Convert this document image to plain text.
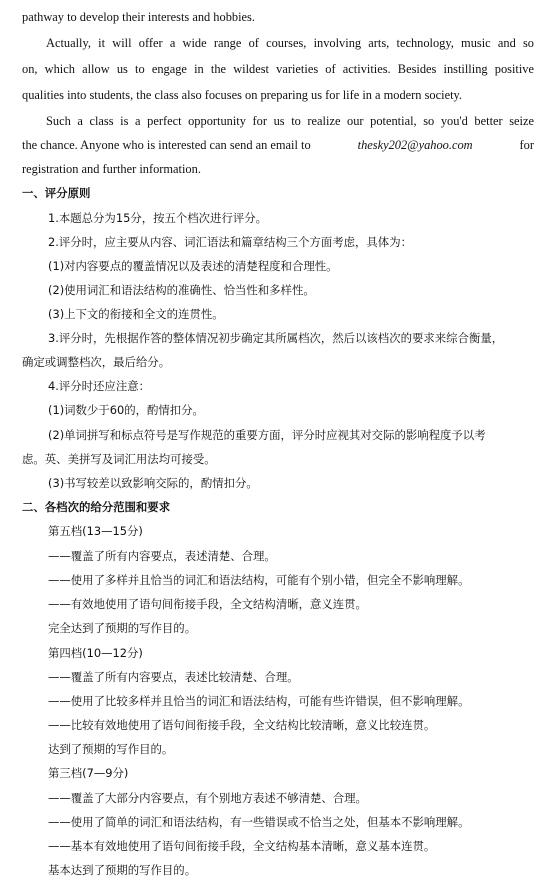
pathway to develop their interests and hobbies.

Actually, it will offer a wide range of courses, involving arts, technology, music and so

on, which allow us to engage in the wildest varieties of activities. Besides instilling positive

qualities into students, the class also focuses on preparing us for life in a modern society.

Such a class is a perfect opportunity for us to realize our potential, so you'd better seize

the chance. Anyone who is interested can send an email to	thesky202@yahoo.com	for

registration and further information.

一、评分原则

1.本题总分为15分，按五个档次进行评分。

2.评分时，应主要从内容、词汇语法和篇章结构三个方面考虑，具体为：

(1)对内容要点的覆盖情况以及表述的清楚程度和合理性。

(2)使用词汇和语法结构的准确性、恰当性和多样性。

(3)上下文的衔接和全文的连贯性。

3.评分时，先根据作答的整体情况初步确定其所属档次，然后以该档次的要求来综合衡量，

确定或调整档次，最后给分。

4.评分时还应注意：

(1)词数少于60的，酌情扣分。

(2)单词拼写和标点符号是写作规范的重要方面，评分时应视其对交际的影响程度予以考

虑。英、美拼写及词汇用法均可接受。

(3)书写较差以致影响交际的，酌情扣分。

二、各档次的给分范围和要求

第五档(13—15分)

——覆盖了所有内容要点，表述清楚、合理。

——使用了多样并且恰当的词汇和语法结构，可能有个别小错，但完全不影响理解。

——有效地使用了语句间衔接手段，全文结构清晰，意义连贯。

完全达到了预期的写作目的。

第四档(10—12分)

——覆盖了所有内容要点，表述比较清楚、合理。

——使用了比较多样并且恰当的词汇和语法结构，可能有些许错误，但不影响理解。

——比较有效地使用了语句间衔接手段，全文结构比较清晰，意义比较连贯。

达到了预期的写作目的。

第三档(7—9分)

——覆盖了大部分内容要点，有个别地方表述不够清楚、合理。

——使用了简单的词汇和语法结构，有一些错误或不恰当之处，但基本不影响理解。

——基本有效地使用了语句间衔接手段，全文结构基本清晰，意义基本连贯。

基本达到了预期的写作目的。
